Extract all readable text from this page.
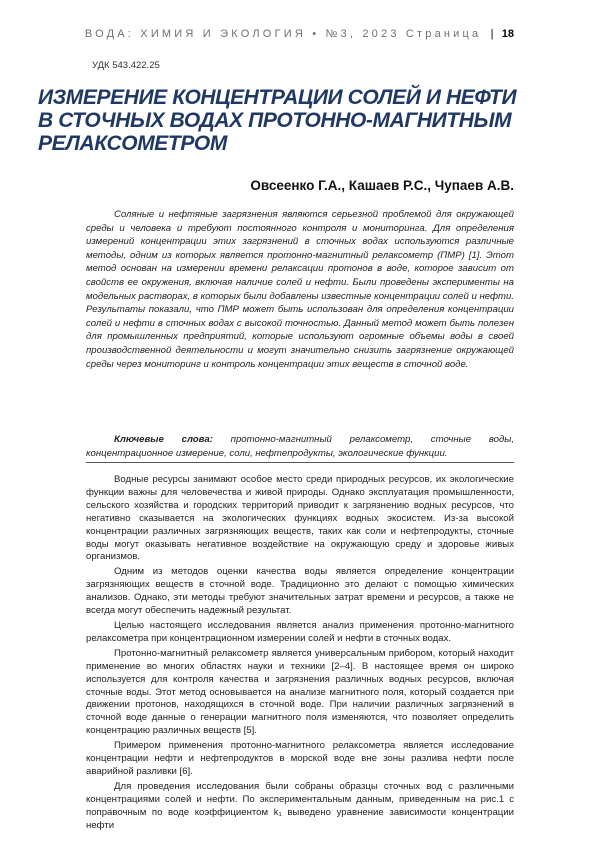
ВОДА: ХИМИЯ И ЭКОЛОГИЯ • №3, 2023 Страница | 18
УДК 543.422.25
ИЗМЕРЕНИЕ КОНЦЕНТРАЦИИ СОЛЕЙ И НЕФТИ
В СТОЧНЫХ ВОДАХ ПРОТОННО-МАГНИТНЫМ
РЕЛАКСОМЕТРОМ
Овсеенко Г.А., Кашаев Р.С., Чупаев А.В.

Соляные и нефтяные загрязнения являются серьезной проблемой для окружающей среды и человека и требуют постоянного контроля и мониторинга. Для определения измерений концентрации этих загрязнений в сточных водах используются различные методы, одним из которых является протонно-магнитный релаксометр (ПМР) [1]. Этот метод основан на измерении времени релаксации протонов в воде, которое зависит от свойств ее окружения, включая наличие солей и нефти. Были проведены эксперименты на модельных растворах, в которых были добавлены известные концентрации солей и нефти. Результаты показали, что ПМР может быть использован для определения концентрации солей и нефти в сточных водах с высокой точностью. Данный метод может быть полезен для промышленных предприятий, которые используют огромные объемы воды в своей производственной деятельности и могут значительно снизить загрязнение окружающей среды через мониторинг и контроль концентрации этих веществ в сточной воде.

Ключевые слова: протонно-магнитный релаксометр, сточные воды, концентрационное измерение, соли, нефтепродукты, экологические функции.

Водные ресурсы занимают особое место среди природных ресурсов, их экологические функции важны для человечества и живой природы. Однако эксплуатация промышленности, сельского хозяйства и городских территорий приводит к загрязнению водных ресурсов, что негативно сказывается на экологических функциях водных экосистем. Из-за высокой концентрации различных загрязняющих веществ, таких как соли и нефтепродукты, сточные воды могут оказывать негативное воздействие на окружающую среду и здоровье живых организмов.

Одним из методов оценки качества воды является определение концентрации загрязняющих веществ в сточной воде. Традиционно это делают с помощью химических анализов. Однако, эти методы требуют значительных затрат времени и ресурсов, а также не всегда могут обеспечить надежный результат.

Целью настоящего исследования является анализ применения протонно-магнитного релаксометра при концентрационном измерении солей и нефти в сточных водах.

Протонно-магнитный релаксометр является универсальным прибором, который находит применение во многих областях науки и техники [2–4]. В настоящее время он широко используется для контроля качества и загрязнения различных водных ресурсов, включая сточные воды. Этот метод основывается на анализе магнитного поля, который создается при движении протонов, находящихся в сточной воде. При наличии различных загрязнений в сточной воде данные о генерации магнитного поля изменяются, что позволяет определить концентрацию различных веществ [5].

Примером применения протонно-магнитного релаксометра является исследование концентрации нефти и нефтепродуктов в морской воде вне зоны разлива нефти после аварийной разливки [6].

Для проведения исследования были собраны образцы сточных вод с различными концентрациями солей и нефти. По экспериментальным данным, приведенным на рис.1 с поправочным по воде коэффициентом k₁ выведено уравнение зависимости концентрации нефти
